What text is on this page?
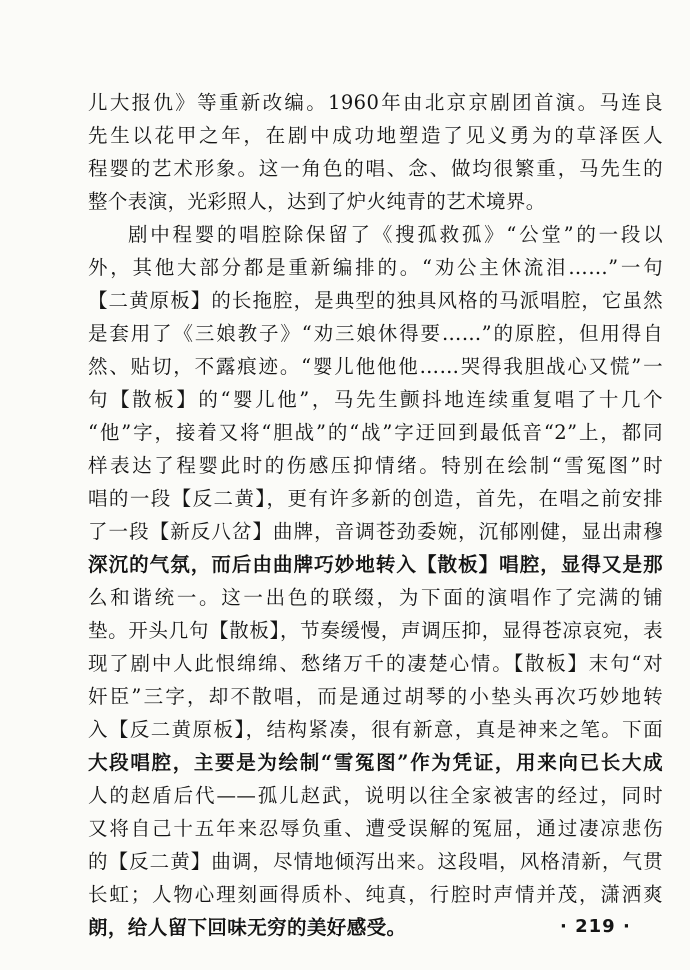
儿大报仇》等重新改编。1960年由北京京剧团首演。马连良
先生以花甲之年，在剧中成功地塑造了见义勇为的草泽医人
程婴的艺术形象。这一角色的唱、念、做均很繁重，马先生的
整个表演，光彩照人，达到了炉火纯青的艺术境界。
剧中程婴的唱腔除保留了《搜孤救孤》“公堂”的一段以
外，其他大部分都是重新编排的。“劝公主休流泪……”一句
【二黄原板】的长拖腔，是典型的独具风格的马派唱腔，它虽然
是套用了《三娘教子》“劝三娘休得要……”的原腔，但用得自
然、贴切，不露痕迹。“婴儿他他他……哭得我胆战心又慌”一
句【散板】的“婴儿他”，马先生颤抖地连续重复唱了十几个
“他”字，接着又将“胆战”的“战”字迂回到最低音“2”上，都同
样表达了程婴此时的伤感压抑情绪。特别在绘制“雪冤图”时
唱的一段【反二黄】，更有许多新的创造，首先，在唱之前安排
了一段【新反八岔】曲牌，音调苍劲委婉，沉郁刚健，显出肃穆
深沉的气氛，而后由曲牌巧妙地转入【散板】唱腔，显得又是那
么和谐统一。这一出色的联缀，为下面的演唱作了完满的铺
垫。开头几句【散板】，节奏缓慢，声调压抑，显得苍凉哀宛，表
现了剧中人此恨绵绵、愁绪万千的凄楚心情。【散板】末句“对
奸臣”三字，却不散唱，而是通过胡琴的小垫头再次巧妙地转
入【反二黄原板】，结构紧凑，很有新意，真是神来之笔。下面
大段唱腔，主要是为绘制“雪冤图”作为凭证，用来向已长大成
人的赵盾后代——孤儿赵武，说明以往全家被害的经过，同时
又将自己十五年来忍辱负重、遭受误解的冤屈，通过凄凉悲伤
的【反二黄】曲调，尽情地倾泻出来。这段唱，风格清新，气贯
长虹；人物心理刻画得质朴、纯真，行腔时声情并茂，潇洒爽
朗，给人留下回味无穷的美好感受。	· 219 ·
